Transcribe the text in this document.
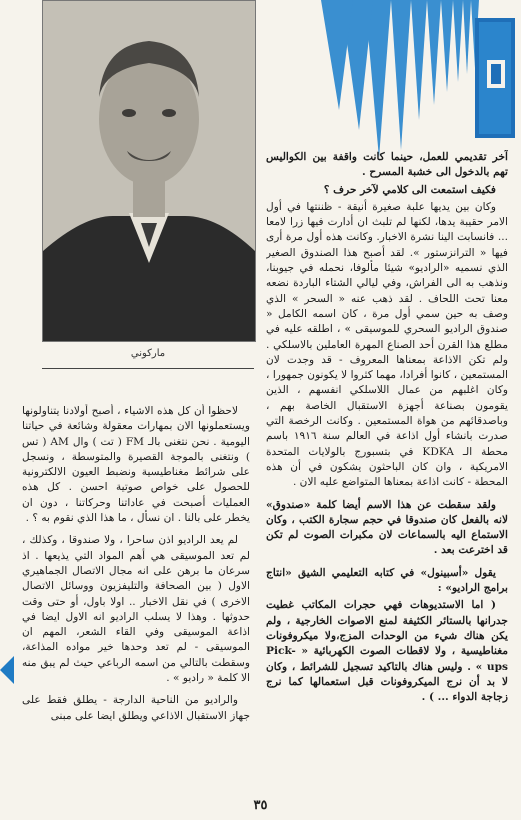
ماركوني

آخر تقديمي للعمل، حينما كانت واقفة بين الكواليس تهم بالدخول الى خشبة المسرح .

فكيف استمعت الى كلامي لآخر حرف ؟

وكان بين يديها علبة صغيرة أنيقة - ظننتها في أول الامر حقيبة يدها، لكنها لم تلبث ان أدارت فيها زرا لامعا ... فانسابت الينا نشرة الاخبار. وكانت هذه أول مرة أرى فيها « الترانزستور ». لقد أصبح هذا الصندوق الصغير الذي نسميه «الراديو» شيئا مألوفا، نحمله في جيوبنا، ونذهب به الى الفراش، وفي ليالي الشتاء الباردة نضعه معنا تحت اللحاف . لقد ذهب عنه « السحر » الذي وصف به حين سمي أول مرة ، كان اسمه الكامل « صندوق الراديو السحري للموسيقى » ، اطلقه عليه في مطلع هذا القرن أحد الصناع المهرة العاملين بالاسلكي . ولم تكن الاذاعة بمعناها المعروف - قد وجدت لان المستمعين ، كانوا أفرادا، مهما كثروا لا يكونون جمهورا ، وكان اغلبهم من عمال اللاسلكي انفسهم ، الذين يقومون بصناعة أجهزة الاستقبال الخاصة بهم ، وباصدقائهم من هواة المستمعين . وكانت الرخصة التي صدرت بانشاء أول اذاعة في العالم سنة ١٩١٦ باسم محطة الـ KDKA في بتسبورج بالولايات المتحدة الامريكية ، وان كان الباحثون يشكون في أن هذه المحطة - كانت اذاعة بمعناها المتواضع عليه الان .

ولقد سقطت عن هذا الاسم أيضا كلمة «صندوق» لانه بالفعل كان صندوقا في حجم سجارة الكتب ، وكان الاستماع اليه بالسماعات لان مكبرات الصوت لم تكن قد اخترعت بعد .

يقول «أسبينول» في كتابه التعليمي الشيق «انتاج برامج الراديو» :

( اما الاستديوهات فهي حجرات المكاتب غطيت جدرانها بالستائر الكثيفة لمنع الاصوات الخارجية ، ولم يكن هناك شيء من الوحدات المزج،ولا ميكروفونات مغناطيسية ، ولا لاقطات الصوت الكهربائية « Pick-ups » . وليس هناك بالتاكيد تسجيل للشرائط ، وكان لا بد أن نرج الميكروفونات قبل استعمالها كما نرج زجاجة الدواء ... ) .

لاحظوا أن كل هذه الاشياء ، أصبح أولادنا يتناولونها ويستعملونها الان بمهارات معقولة وشائعة في حياتنا اليومية . نحن نتغنى بالـ FM ( تت ) وال AM ( تس ) ونتغنى بالموجة القصيرة والمتوسطة ، ونسجل على شرائط مغناطيسية ونضبط العيون الالكترونية للحصول على خواص صوتية احسن . كل هذه العمليات أصبحت في عاداتنا وحركاتنا ، دون ان يخطر على بالنا . ان نسأل ، ما هذا الذي نقوم به ؟ .

لم يعد الراديو اذن ساحرا ، ولا صندوقا ، وكذلك ، لم تعد الموسيقى هي أهم المواد التي يذيعها . اذ سرعان ما برهن على انه مجال الاتصال الجماهيري الاول ( بين الصحافة والتليفزيون ووسائل الاتصال الاخرى ) في نقل الاخبار .. اولا باول، أو حتى وقت حدوثها . وهذا لا يسلب الراديو انه الاول ايضا في اذاعة الموسيقى وفي القاء الشعر، المهم ان الموسيقى - لم تعد وحدها خير مواده المذاعة، وسقطت بالتالي من اسمه الرباعي حيث لم يبق منه الا كلمة « راديو » .

والراديو من الناحية الدارجة - يطلق فقط على جهاز الاستقبال الاذاعي ويطلق ايضا على مبنى

٣٥
